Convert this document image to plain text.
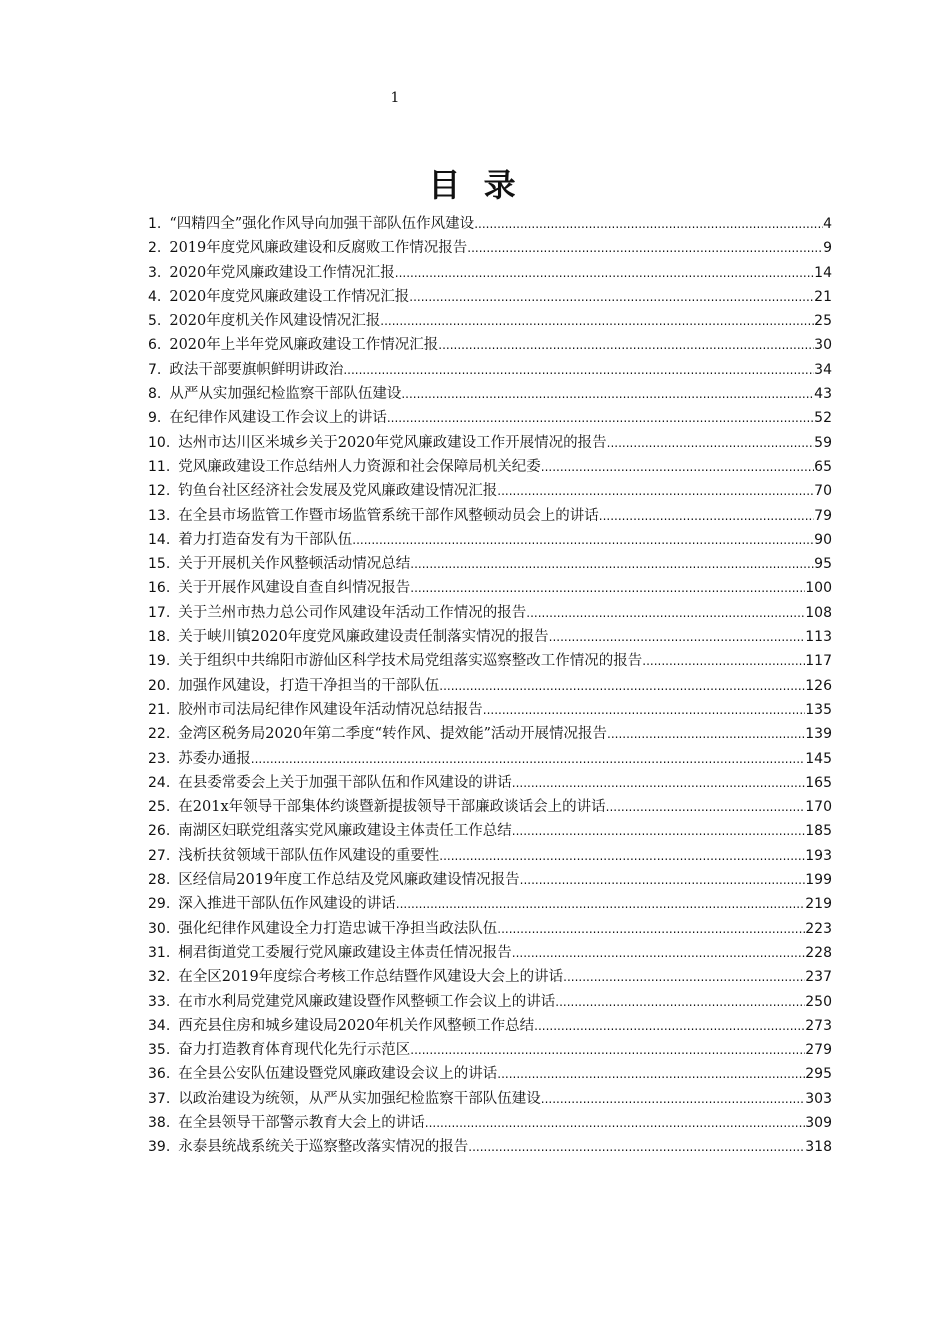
1
目 录
1. “四精四全”强化作风导向加强干部队伍作风建设 .....	4
2. 2019年度党风廉政建设和反腐败工作情况报告 .....	9
3. 2020年党风廉政建设工作情况汇报 .....	14
4. 2020年度党风廉政建设工作情况汇报 .....	21
5. 2020年度机关作风建设情况汇报 .....	25
6. 2020年上半年党风廉政建设工作情况汇报 .....	30
7. 政法干部要旗帜鲜明讲政治 .....	34
8. 从严从实加强纪检监察干部队伍建设 .....	43
9. 在纪律作风建设工作会议上的讲话 .....	52
10. 达州市达川区米城乡关于2020年党风廉政建设工作开展情况的报告 .....	59
11. 党风廉政建设工作总结州人力资源和社会保障局机关纪委 .....	65
12. 钓鱼台社区经济社会发展及党风廉政建设情况汇报 .....	70
13. 在全县市场监管工作暨市场监管系统干部作风整顿动员会上的讲话 .....	79
14. 着力打造奋发有为干部队伍 .....	90
15. 关于开展机关作风整顿活动情况总结 .....	95
16. 关于开展作风建设自查自纠情况报告 .....	100
17. 关于兰州市热力总公司作风建设年活动工作情况的报告 .....	108
18. 关于峡川镇2020年度党风廉政建设责任制落实情况的报告 .....	113
19. 关于组织中共绵阳市游仙区科学技术局党组落实巡察整改工作情况的报告 .....	117
20. 加强作风建设，打造干净担当的干部队伍 .....	126
21. 胶州市司法局纪律作风建设年活动情况总结报告 .....	135
22. 金湾区税务局2020年第二季度“转作风、提效能”活动开展情况报告 .....	139
23. 苏委办通报 .....	145
24. 在县委常委会上关于加强干部队伍和作风建设的讲话 .....	165
25. 在201x年领导干部集体约谈暨新提拔领导干部廉政谈话会上的讲话 .....	170
26. 南湖区妇联党组落实党风廉政建设主体责任工作总结 .....	185
27. 浅析扶贫领域干部队伍作风建设的重要性 .....	193
28. 区经信局2019年度工作总结及党风廉政建设情况报告 .....	199
29. 深入推进干部队伍作风建设的讲话 .....	219
30. 强化纪律作风建设全力打造忠诚干净担当政法队伍 .....	223
31. 桐君街道党工委履行党风廉政建设主体责任情况报告 .....	228
32. 在全区2019年度综合考核工作总结暨作风建设大会上的讲话 .....	237
33. 在市水利局党建党风廉政建设暨作风整顿工作会议上的讲话 .....	250
34. 西充县住房和城乡建设局2020年机关作风整顿工作总结 .....	273
35. 奋力打造教育体育现代化先行示范区 .....	279
36. 在全县公安队伍建设暨党风廉政建设会议上的讲话 .....	295
37. 以政治建设为统领，从严从实加强纪检监察干部队伍建设 .....	303
38. 在全县领导干部警示教育大会上的讲话 .....	309
39. 永泰县统战系统关于巡察整改落实情况的报告 .....	318
